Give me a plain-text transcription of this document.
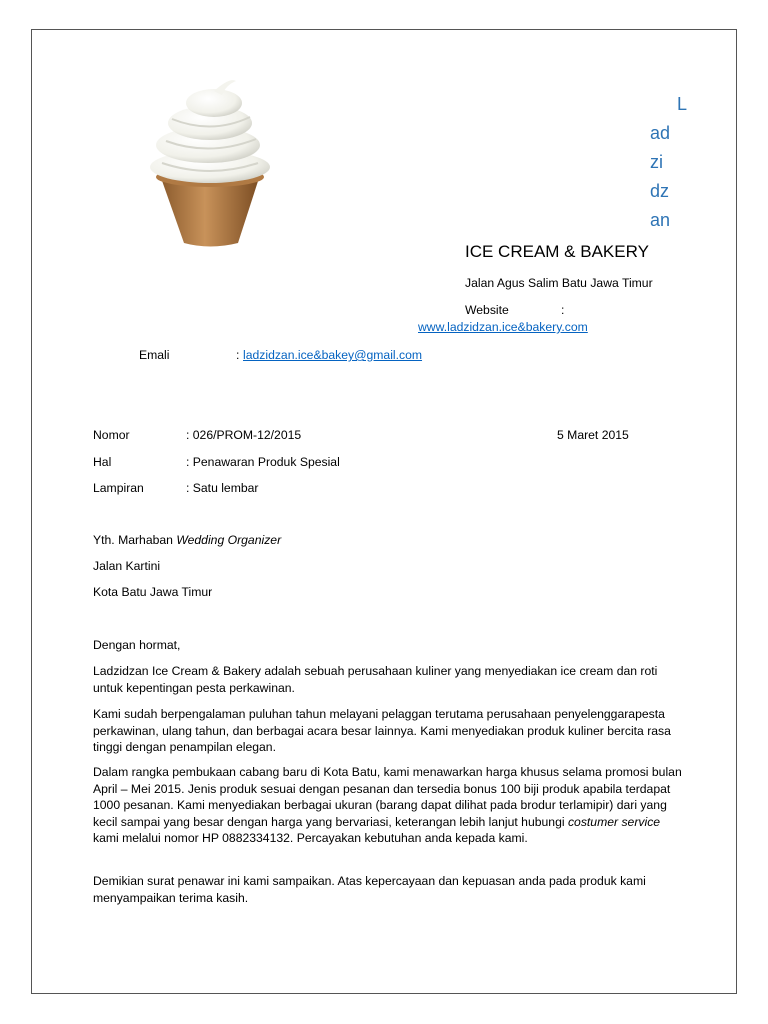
L
ad
zi
dz
an
ICE CREAM & BAKERY
Jalan Agus Salim Batu Jawa Timur
Website	:
www.ladzidzan.ice&bakery.com
Emali	: ladzidzan.ice&bakey@gmail.com
Nomor	: 026/PROM-12/2015	5 Maret 2015
Hal	: Penawaran Produk Spesial
Lampiran	: Satu lembar
Yth. Marhaban Wedding Organizer
Jalan Kartini
Kota Batu Jawa Timur
Dengan hormat,
Ladzidzan Ice Cream & Bakery adalah sebuah perusahaan kuliner yang menyediakan ice cream dan roti untuk kepentingan pesta perkawinan.
Kami sudah berpengalaman puluhan tahun melayani pelaggan terutama perusahaan penyelenggarapesta perkawinan, ulang tahun, dan berbagai acara besar lainnya. Kami menyediakan produk kuliner bercita rasa tinggi dengan penampilan elegan.
Dalam rangka pembukaan cabang baru di Kota Batu, kami menawarkan harga khusus selama promosi bulan April – Mei 2015. Jenis produk sesuai dengan pesanan dan tersedia bonus 100 biji produk apabila terdapat 1000 pesanan. Kami menyediakan berbagai ukuran (barang dapat dilihat pada brodur terlamipir) dari yang kecil sampai yang besar dengan harga yang bervariasi, keterangan lebih lanjut hubungi costumer service kami melalui nomor HP 0882334132. Percayakan kebutuhan anda kepada kami.
Demikian surat penawar ini kami sampaikan. Atas kepercayaan dan kepuasan anda pada produk kami menyampaikan terima kasih.
